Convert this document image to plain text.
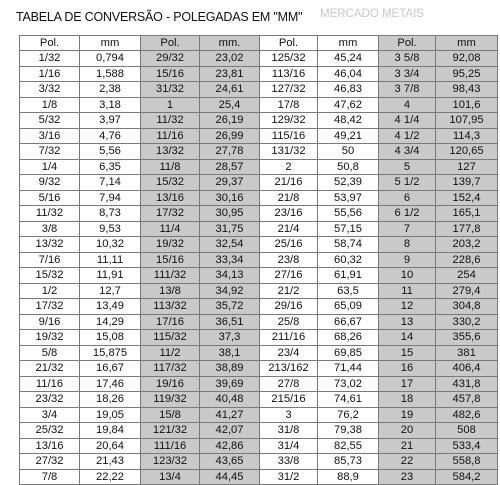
TABELA DE CONVERSÃO - POLEGADAS EM "MM" MERCADO METAIS
Pol.	mm	Pol.	mm.	Pol.	mm	Pol.	mm
1/32	0,794	29/32	23,02	125/32	45,24	3 5/8	92,08
1/16	1,588	15/16	23,81	113/16	46,04	3 3/4	95,25
3/32	2,38	31/32	24,61	127/32	46,83	3 7/8	98,43
1/8	3,18	1	25,4	17/8	47,62	4	101,6
5/32	3,97	11/32	26,19	129/32	48,42	4 1/4	107,95
3/16	4,76	11/16	26,99	115/16	49,21	4 1/2	114,3
7/32	5,56	13/32	27,78	131/32	50	4 3/4	120,65
1/4	6,35	11/8	28,57	2	50,8	5	127
9/32	7,14	15/32	29,37	21/16	52,39	5 1/2	139,7
5/16	7,94	13/16	30,16	21/8	53,97	6	152,4
11/32	8,73	17/32	30,95	23/16	55,56	6 1/2	165,1
3/8	9,53	11/4	31,75	21/4	57,15	7	177,8
13/32	10,32	19/32	32,54	25/16	58,74	8	203,2
7/16	11,11	15/16	33,34	23/8	60,32	9	228,6
15/32	11,91	111/32	34,13	27/16	61,91	10	254
1/2	12,7	13/8	34,92	21/2	63,5	11	279,4
17/32	13,49	113/32	35,72	29/16	65,09	12	304,8
9/16	14,29	17/16	36,51	25/8	66,67	13	330,2
19/32	15,08	115/32	37,3	211/16	68,26	14	355,6
5/8	15,875	11/2	38,1	23/4	69,85	15	381
21/32	16,67	117/32	38,89	213/162	71,44	16	406,4
11/16	17,46	19/16	39,69	27/8	73,02	17	431,8
23/32	18,26	119/32	40,48	215/16	74,61	18	457,8
3/4	19,05	15/8	41,27	3	76,2	19	482,6
25/32	19,84	121/32	42,07	31/8	79,38	20	508
13/16	20,64	111/16	42,86	31/4	82,55	21	533,4
27/32	21,43	123/32	43,65	33/8	85,73	22	558,8
7/8	22,22	13/4	44,45	31/2	88,9	23	584,2
